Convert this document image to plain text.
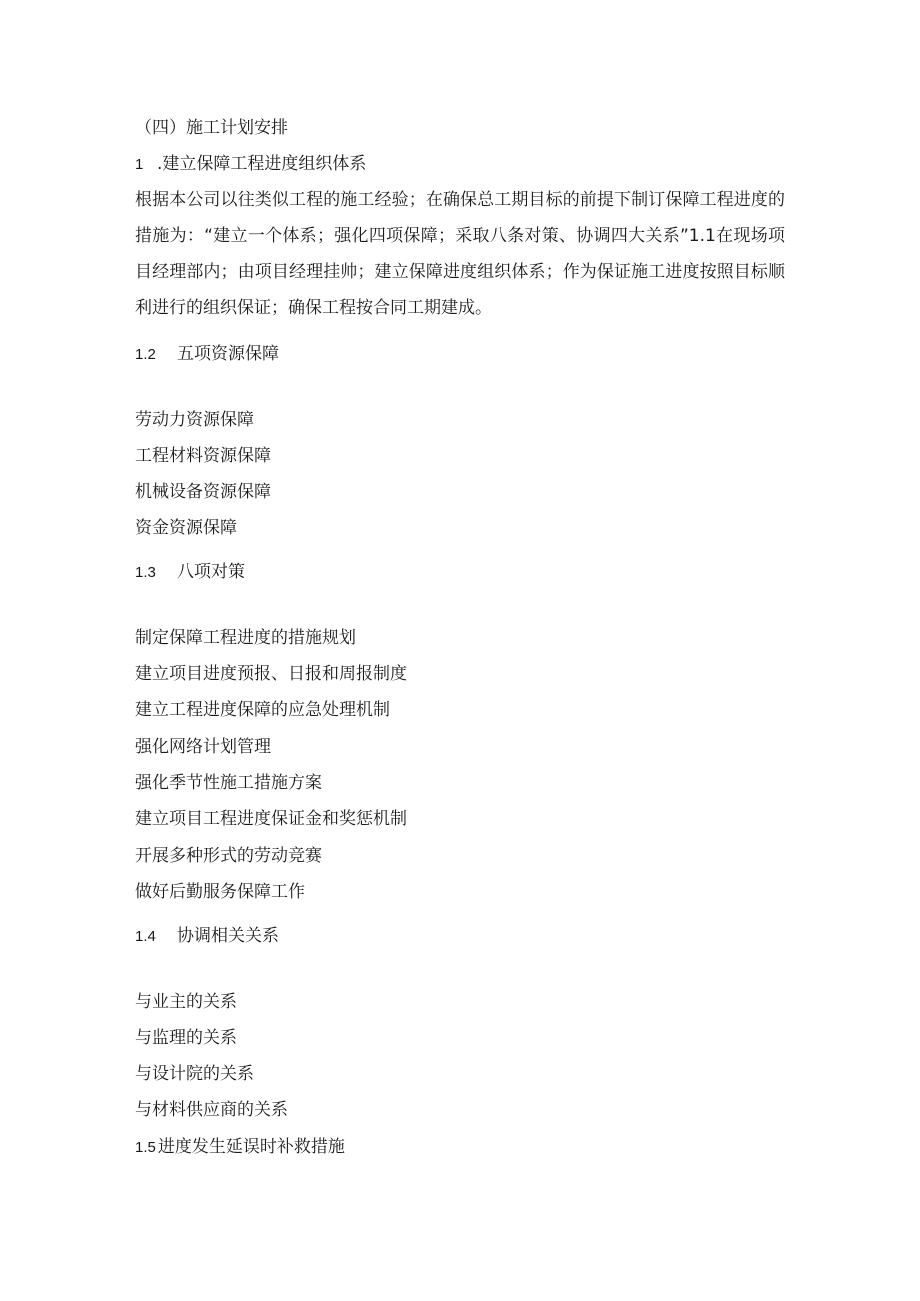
（四）施工计划安排
1 .建立保障工程进度组织体系
根据本公司以往类似工程的施工经验；在确保总工期目标的前提下制订保障工程进度的措施为：“建立一个体系；强化四项保障；采取八条对策、协调四大关系”1.1在现场项目经理部内；由项目经理挂帅；建立保障进度组织体系；作为保证施工进度按照目标顺利进行的组织保证；确保工程按合同工期建成。
1.2 五项资源保障
劳动力资源保障
工程材料资源保障
机械设备资源保障
资金资源保障
1.3 八项对策
制定保障工程进度的措施规划
建立项目进度预报、日报和周报制度
建立工程进度保障的应急处理机制
强化网络计划管理
强化季节性施工措施方案
建立项目工程进度保证金和奖惩机制
开展多种形式的劳动竞赛
做好后勤服务保障工作
1.4 协调相关关系
与业主的关系
与监理的关系
与设计院的关系
与材料供应商的关系
1.5 进度发生延误时补救措施
